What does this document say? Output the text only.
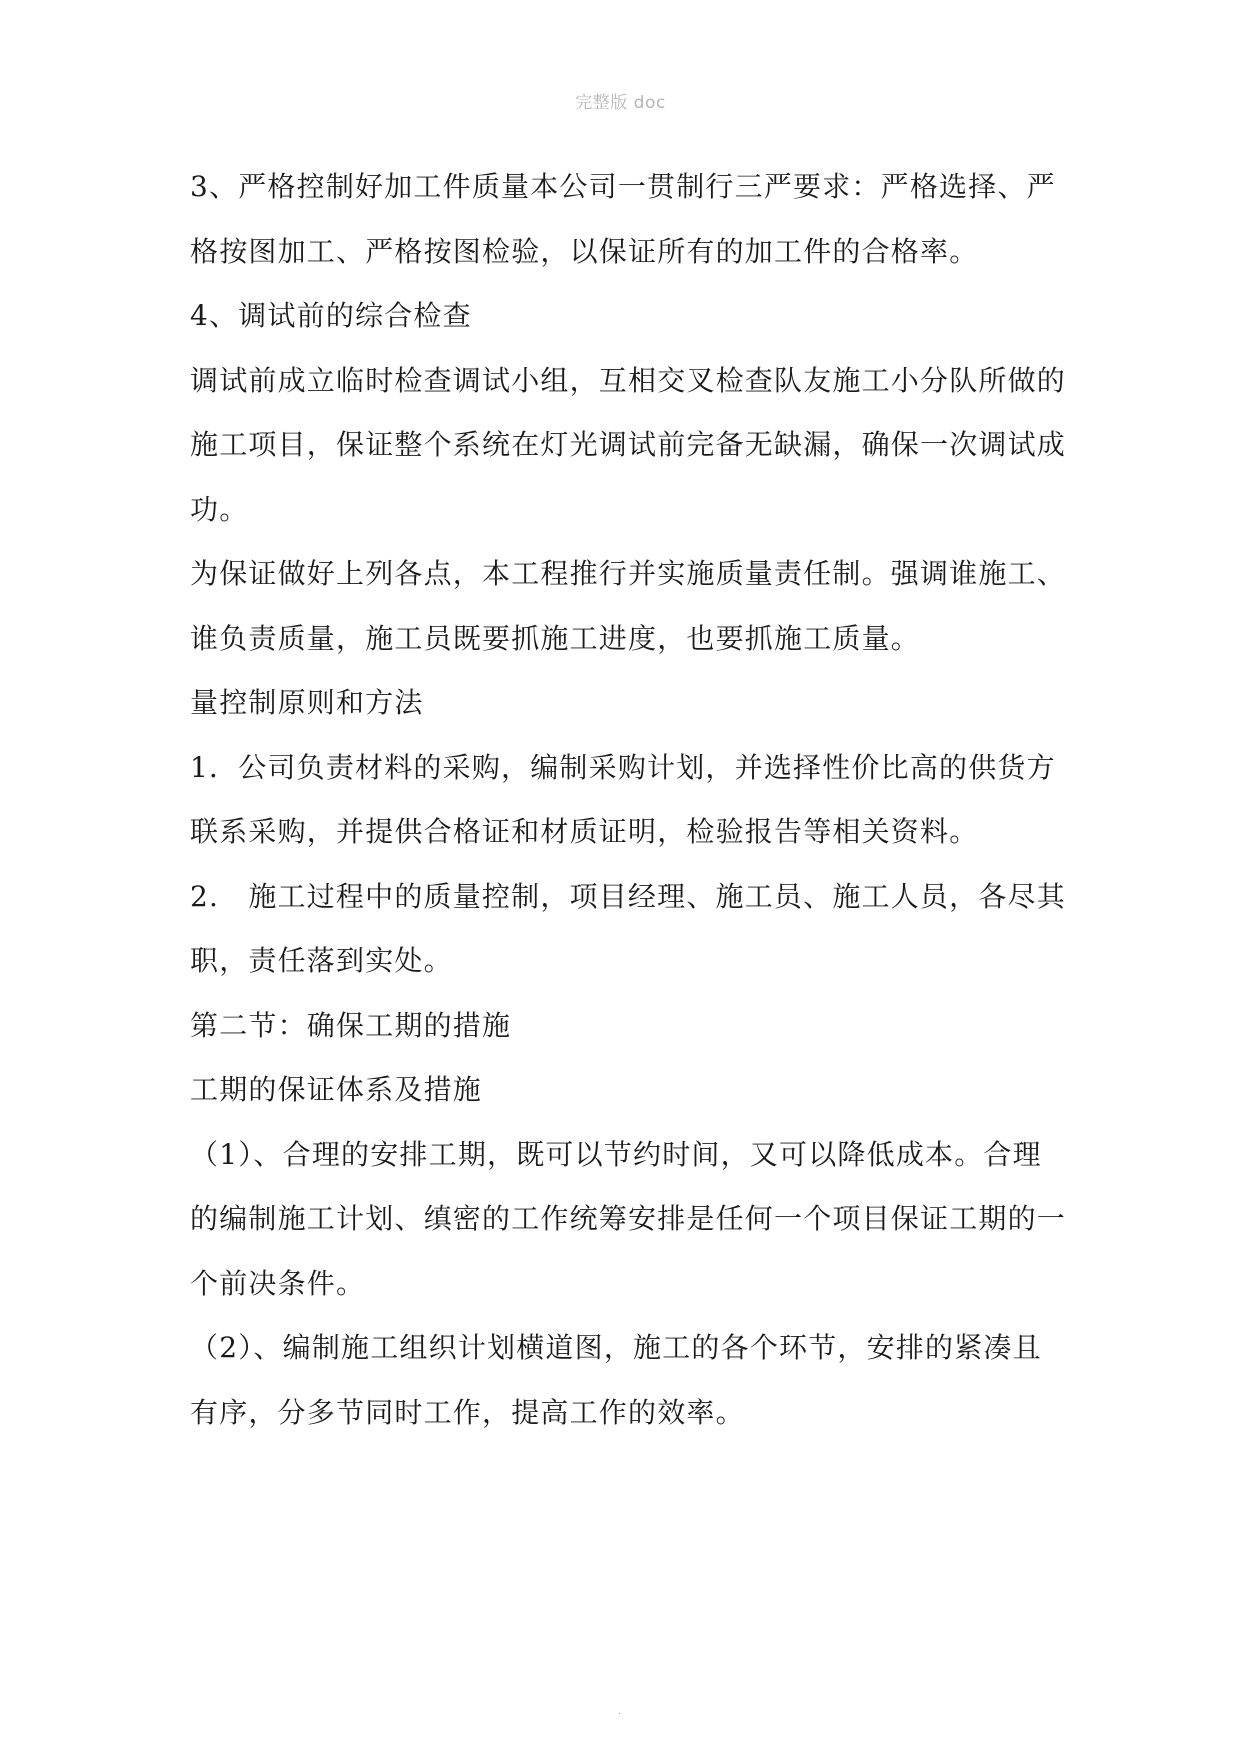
完整版 doc
3、严格控制好加工件质量本公司一贯制行三严要求：严格选择、严
格按图加工、严格按图检验，以保证所有的加工件的合格率。
4、调试前的综合检查
调试前成立临时检查调试小组，互相交叉检查队友施工小分队所做的
施工项目，保证整个系统在灯光调试前完备无缺漏，确保一次调试成
功。
为保证做好上列各点，本工程推行并实施质量责任制。强调谁施工、
谁负责质量，施工员既要抓施工进度，也要抓施工质量。
量控制原则和方法
1．公司负责材料的采购，编制采购计划，并选择性价比高的供货方
联系采购，并提供合格证和材质证明，检验报告等相关资料。
2.　施工过程中的质量控制，项目经理、施工员、施工人员，各尽其
职，责任落到实处。
第二节：确保工期的措施
工期的保证体系及措施
（1）、合理的安排工期，既可以节约时间，又可以降低成本。合理
的编制施工计划、缜密的工作统筹安排是任何一个项目保证工期的一
个前决条件。
（2）、编制施工组织计划横道图，施工的各个环节，安排的紧凑且
有序，分多节同时工作，提高工作的效率。
.
